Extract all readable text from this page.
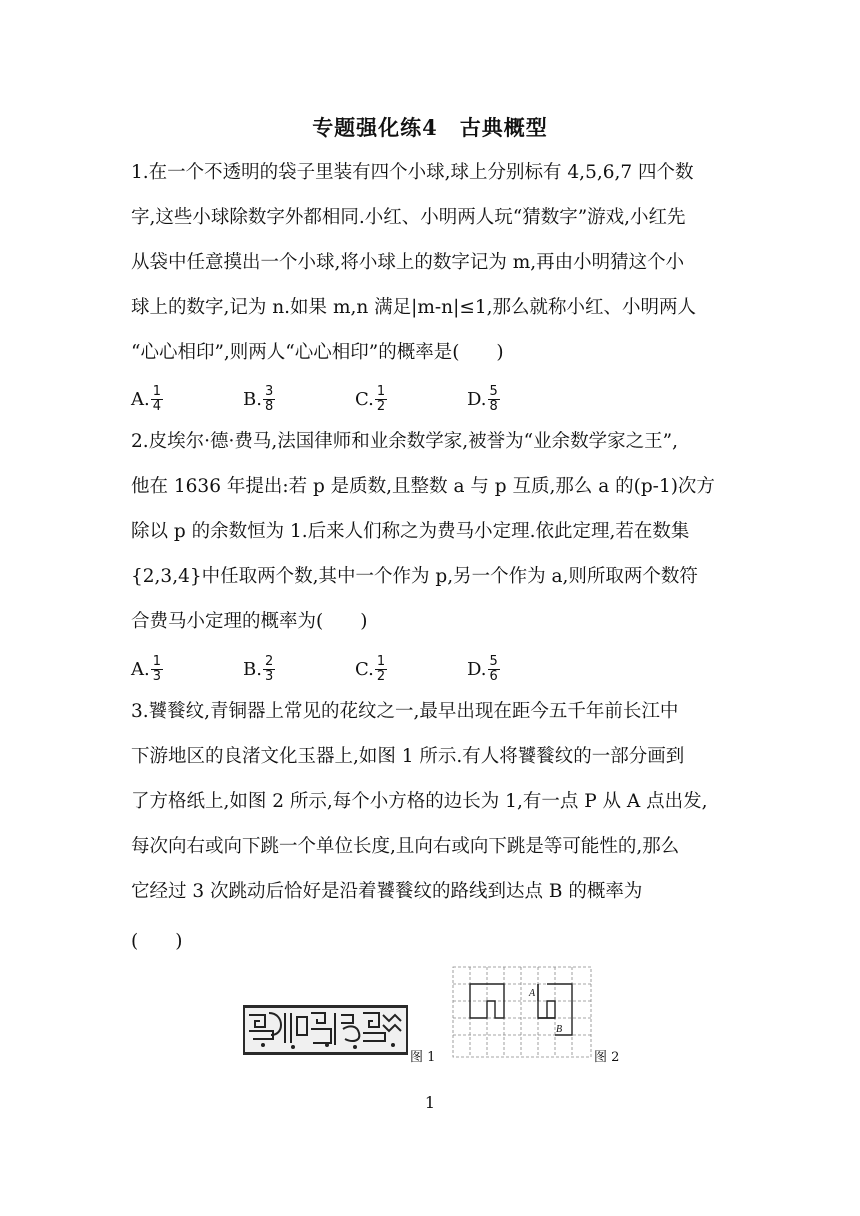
专题强化练4　古典概型
1.在一个不透明的袋子里装有四个小球,球上分别标有 4,5,6,7 四个数
字,这些小球除数字外都相同.小红、小明两人玩“猜数字”游戏,小红先
从袋中任意摸出一个小球,将小球上的数字记为 m,再由小明猜这个小
球上的数字,记为 n.如果 m,n 满足|m-n|≤1,那么就称小红、小明两人
“心心相印”,则两人“心心相印”的概率是(　　)
A. $\frac{1}{4}$	B. $\frac{3}{8}$	C. $\frac{1}{2}$	D. $\frac{5}{8}$
2.皮埃尔·德·费马,法国律师和业余数学家,被誉为“业余数学家之王”,
他在 1636 年提出:若 p 是质数,且整数 a 与 p 互质,那么 a 的(p-1)次方
除以 p 的余数恒为 1.后来人们称之为费马小定理.依此定理,若在数集
{2,3,4}中任取两个数,其中一个作为 p,另一个作为 a,则所取两个数符
合费马小定理的概率为(　　)
A. $\frac{1}{3}$	B. $\frac{2}{3}$	C. $\frac{1}{2}$	D. $\frac{5}{6}$
3.饕餮纹,青铜器上常见的花纹之一,最早出现在距今五千年前长江中
下游地区的良渚文化玉器上,如图 1 所示.有人将饕餮纹的一部分画到
了方格纸上,如图 2 所示,每个小方格的边长为 1,有一点 P 从 A 点出发,
每次向右或向下跳一个单位长度,且向右或向下跳是等可能性的,那么
它经过 3 次跳动后恰好是沿着饕餮纹的路线到达点 B 的概率为
(　　)
图 1
A
B
图 2
1
